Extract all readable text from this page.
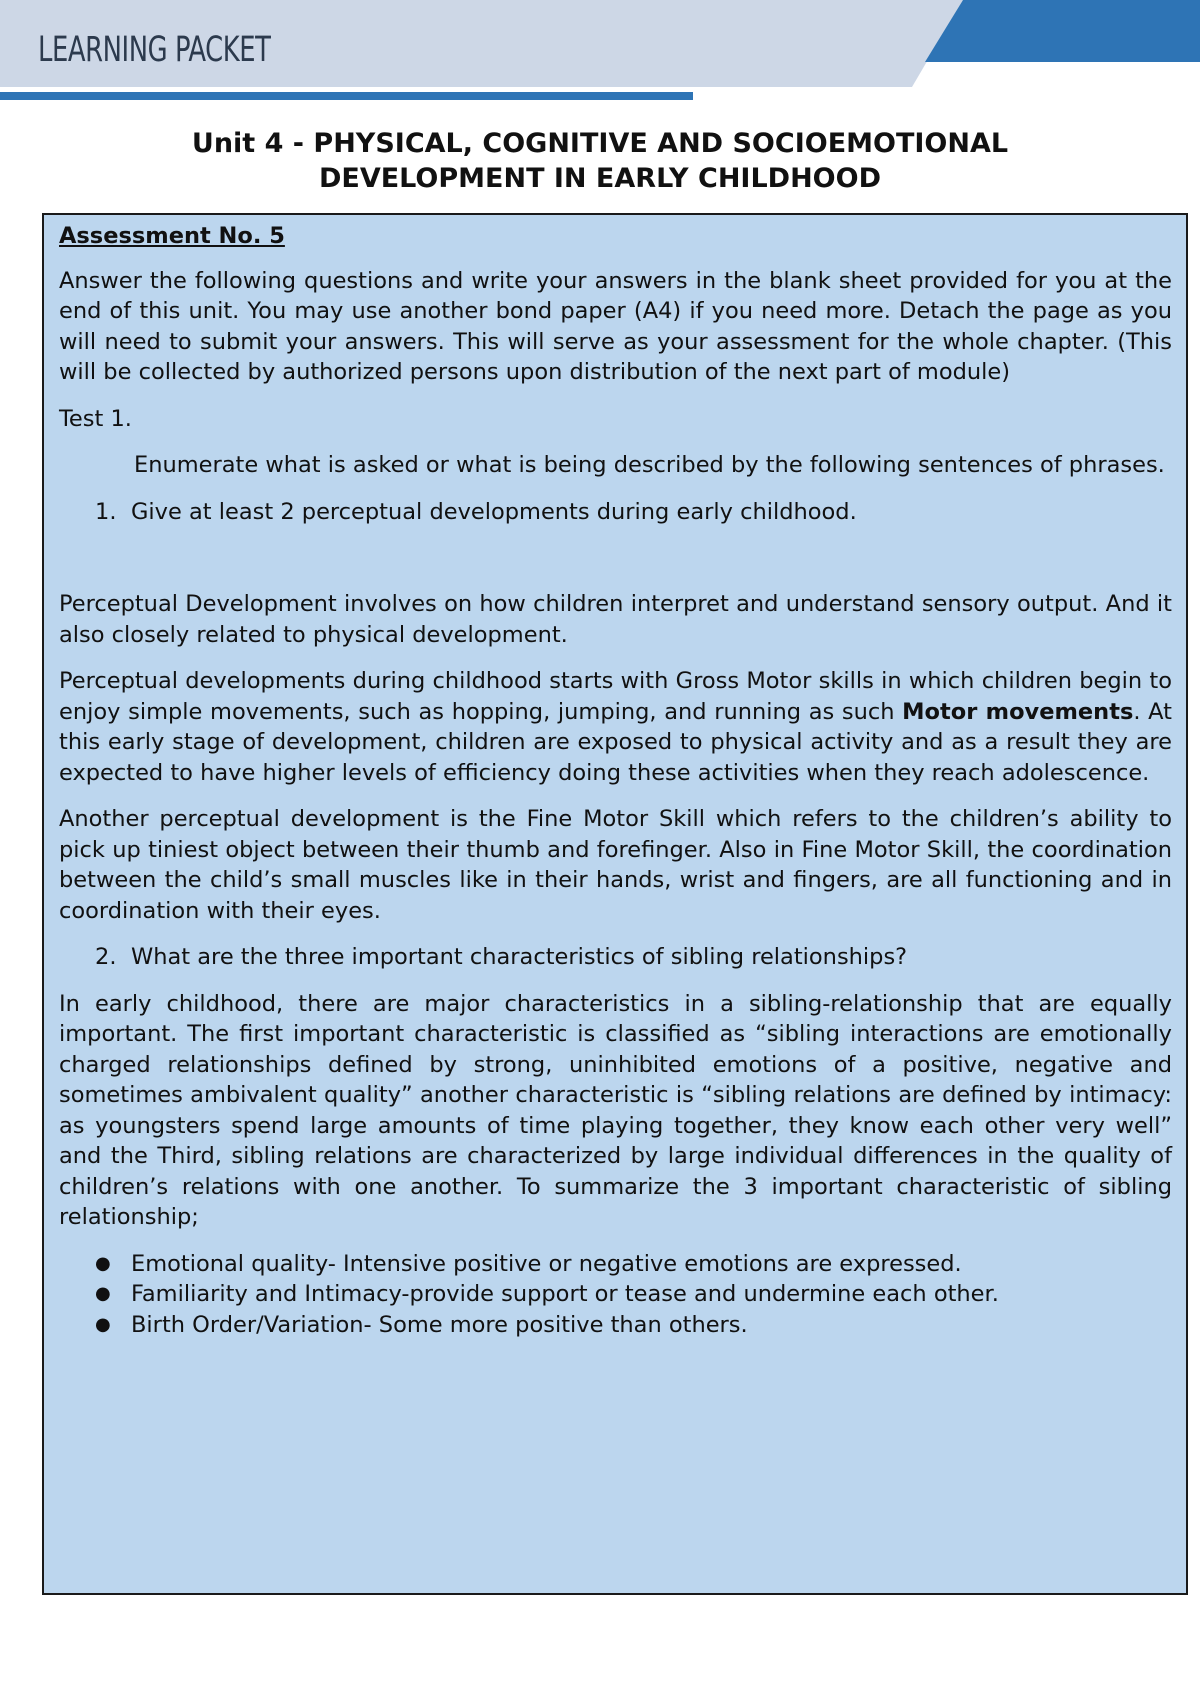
LEARNING PACKET
Unit 4 - PHYSICAL, COGNITIVE AND SOCIOEMOTIONAL
DEVELOPMENT IN EARLY CHILDHOOD

Assessment No. 5

Answer the following questions and write your answers in the blank sheet provided for you at the end of this unit. You may use another bond paper (A4) if you need more. Detach the page as you will need to submit your answers. This will serve as your assessment for the whole chapter. (This will be collected by authorized persons upon distribution of the next part of module)

Test 1.

Enumerate what is asked or what is being described by the following sentences of phrases.

1. Give at least 2 perceptual developments during early childhood.

Perceptual Development involves on how children interpret and understand sensory output. And it also closely related to physical development.

Perceptual developments during childhood starts with Gross Motor skills in which children begin to enjoy simple movements, such as hopping, jumping, and running as such Motor movements. At this early stage of development, children are exposed to physical activity and as a result they are expected to have higher levels of efficiency doing these activities when they reach adolescence.

Another perceptual development is the Fine Motor Skill which refers to the children’s ability to pick up tiniest object between their thumb and forefinger. Also in Fine Motor Skill, the coordination between the child’s small muscles like in their hands, wrist and fingers, are all functioning and in coordination with their eyes.

2. What are the three important characteristics of sibling relationships?

In early childhood, there are major characteristics in a sibling-relationship that are equally important. The first important characteristic is classified as “sibling interactions are emotionally charged relationships defined by strong, uninhibited emotions of a positive, negative and sometimes ambivalent quality” another characteristic is “sibling relations are defined by intimacy: as youngsters spend large amounts of time playing together, they know each other very well” and the Third, sibling relations are characterized by large individual differences in the quality of children’s relations with one another. To summarize the 3 important characteristic of sibling relationship;

● Emotional quality- Intensive positive or negative emotions are expressed.
● Familiarity and Intimacy-provide support or tease and undermine each other.
● Birth Order/Variation- Some more positive than others.
